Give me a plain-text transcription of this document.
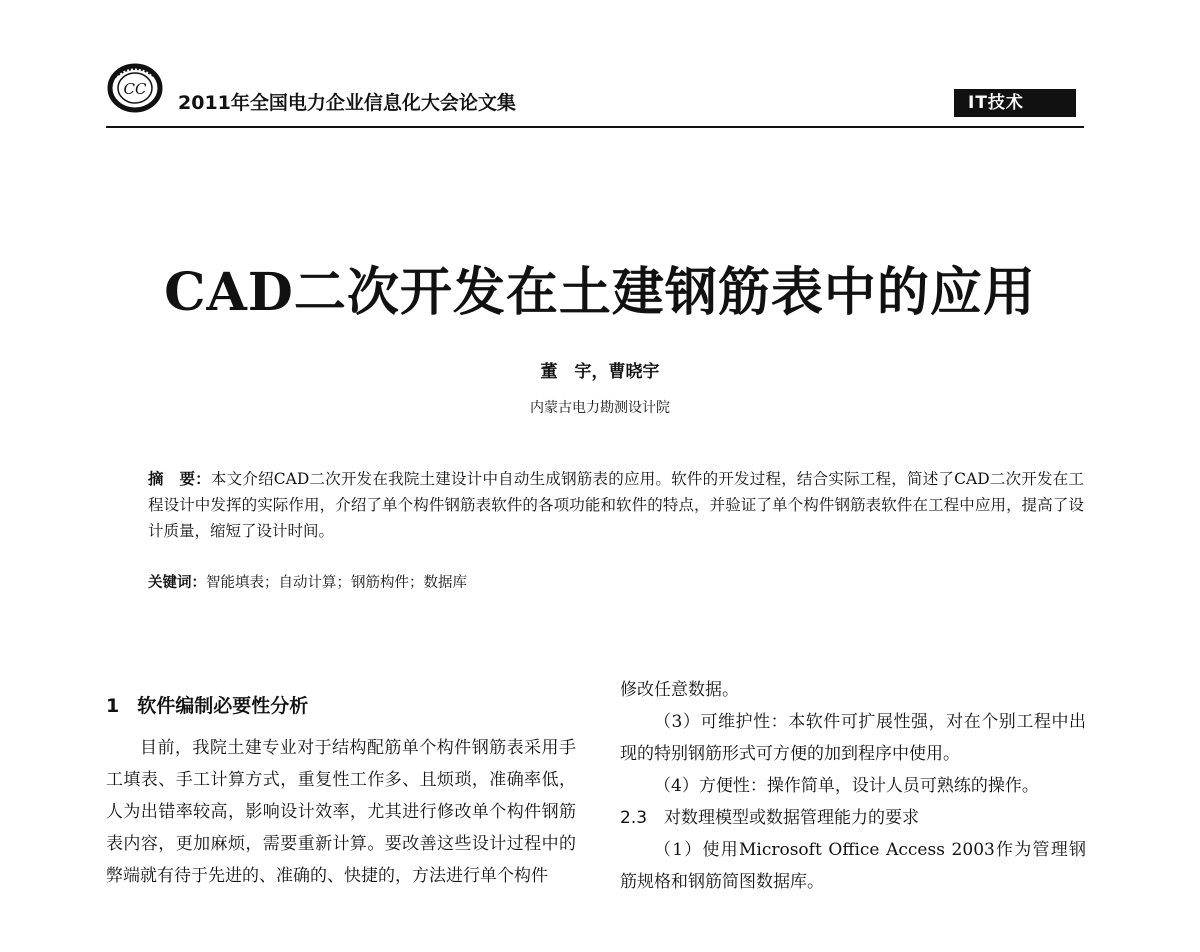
CC
2011年全国电力企业信息化大会论文集	IT技术
CAD二次开发在土建钢筋表中的应用
董　宇，曹晓宇
内蒙古电力勘测设计院
摘　要：本文介绍CAD二次开发在我院土建设计中自动生成钢筋表的应用。软件的开发过程，结合实际工程，简述了CAD二次开发在工程设计中发挥的实际作用，介绍了单个构件钢筋表软件的各项功能和软件的特点，并验证了单个构件钢筋表软件在工程中应用，提高了设计质量，缩短了设计时间。
关键词：智能填表；自动计算；钢筋构件；数据库
1 软件编制必要性分析

目前，我院土建专业对于结构配筋单个构件钢筋表采用手工填表、手工计算方式，重复性工作多、且烦琐，准确率低，人为出错率较高，影响设计效率，尤其进行修改单个构件钢筋表内容，更加麻烦，需要重新计算。要改善这些设计过程中的弊端就有待于先进的、准确的、快捷的，方法进行单个构件

修改任意数据。

（3）可维护性：本软件可扩展性强，对在个别工程中出现的特别钢筋形式可方便的加到程序中使用。

（4）方便性：操作简单，设计人员可熟练的操作。

2.3　对数理模型或数据管理能力的要求

（1）使用Microsoft Office Access 2003作为管理钢筋规格和钢筋简图数据库。
